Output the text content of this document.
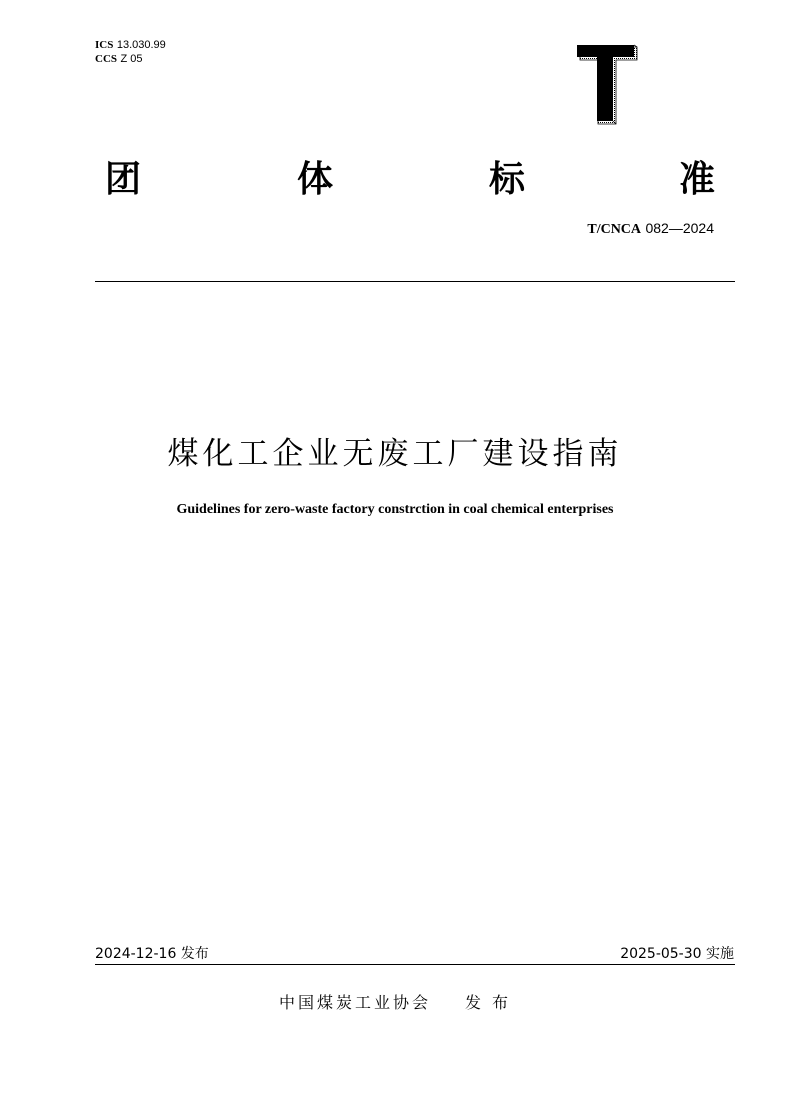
ICS 13.030.99
CCS Z 05
团	体	标	准
T/CNCA 082—2024
煤化工企业无废工厂建设指南
Guidelines for zero-waste factory constrction in coal chemical enterprises
2024-12-16 发布	2025-05-30 实施
中国煤炭工业协会 发 布
